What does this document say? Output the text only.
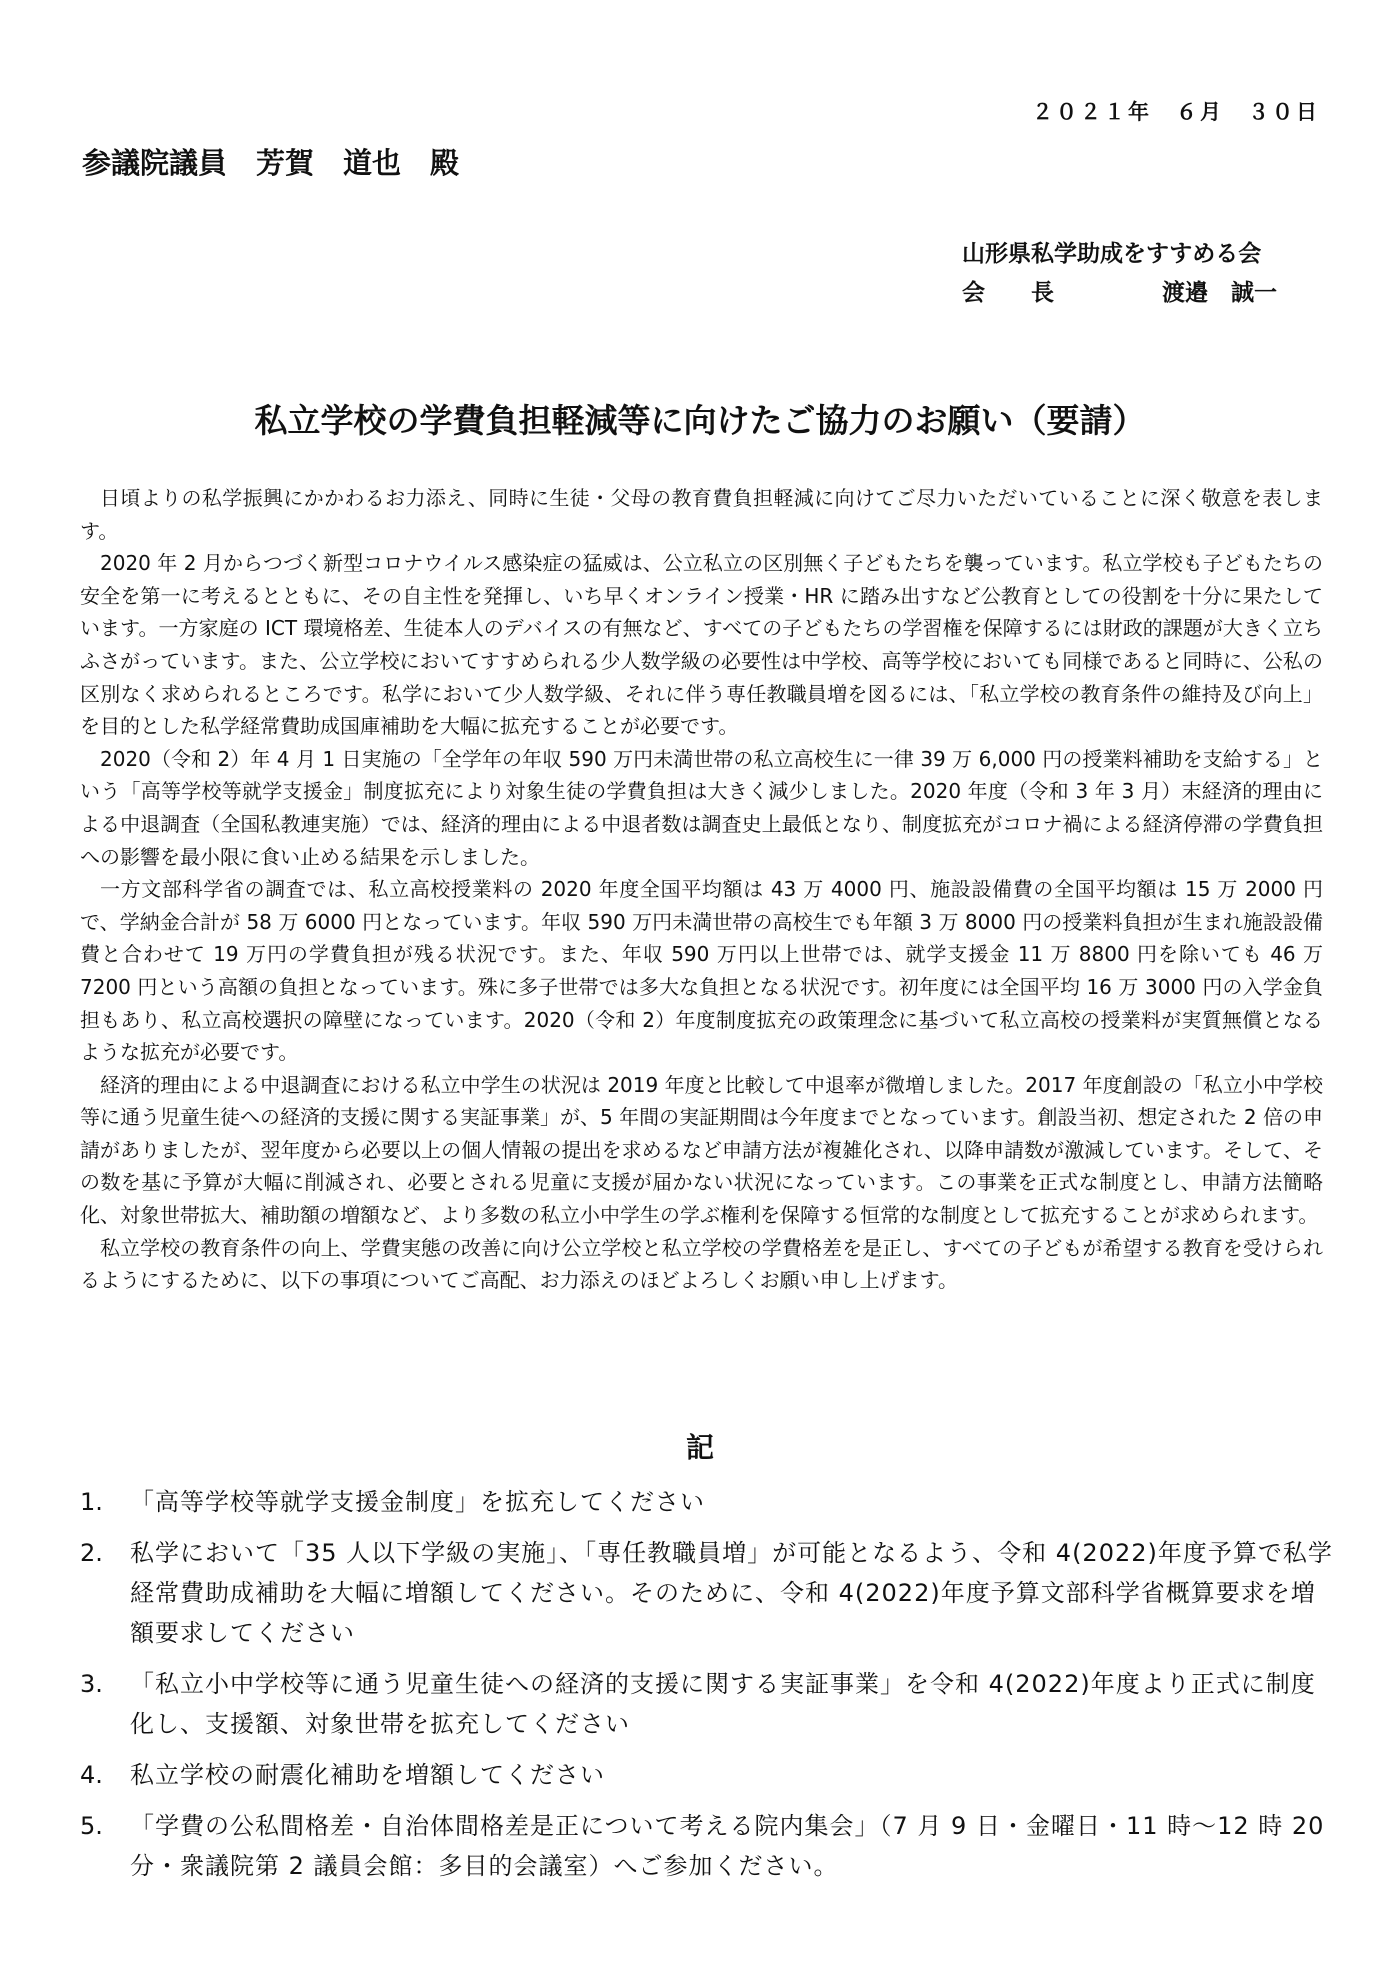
２０２１年　６月　３０日
参議院議員　芳賀　道也　殿
山形県私学助成をすすめる会
会　　長	渡邉　誠一
私立学校の学費負担軽減等に向けたご協力のお願い（要請）

日頃よりの私学振興にかかわるお力添え、同時に生徒・父母の教育費負担軽減に向けてご尽力いただいていることに深く敬意を表します。

2020 年 2 月からつづく新型コロナウイルス感染症の猛威は、公立私立の区別無く子どもたちを襲っています。私立学校も子どもたちの安全を第一に考えるとともに、その自主性を発揮し、いち早くオンライン授業・HR に踏み出すなど公教育としての役割を十分に果たしています。一方家庭の ICT 環境格差、生徒本人のデバイスの有無など、すべての子どもたちの学習権を保障するには財政的課題が大きく立ちふさがっています。また、公立学校においてすすめられる少人数学級の必要性は中学校、高等学校においても同様であると同時に、公私の区別なく求められるところです。私学において少人数学級、それに伴う専任教職員増を図るには、「私立学校の教育条件の維持及び向上」を目的とした私学経常費助成国庫補助を大幅に拡充することが必要です。

2020（令和 2）年 4 月 1 日実施の「全学年の年収 590 万円未満世帯の私立高校生に一律 39 万 6,000 円の授業料補助を支給する」という「高等学校等就学支援金」制度拡充により対象生徒の学費負担は大きく減少しました。2020 年度（令和 3 年 3 月）末経済的理由による中退調査（全国私教連実施）では、経済的理由による中退者数は調査史上最低となり、制度拡充がコロナ禍による経済停滞の学費負担への影響を最小限に食い止める結果を示しました。

一方文部科学省の調査では、私立高校授業料の 2020 年度全国平均額は 43 万 4000 円、施設設備費の全国平均額は 15 万 2000 円で、学納金合計が 58 万 6000 円となっています。年収 590 万円未満世帯の高校生でも年額 3 万 8000 円の授業料負担が生まれ施設設備費と合わせて 19 万円の学費負担が残る状況です。また、年収 590 万円以上世帯では、就学支援金 11 万 8800 円を除いても 46 万 7200 円という高額の負担となっています。殊に多子世帯では多大な負担となる状況です。初年度には全国平均 16 万 3000 円の入学金負担もあり、私立高校選択の障壁になっています。2020（令和 2）年度制度拡充の政策理念に基づいて私立高校の授業料が実質無償となるような拡充が必要です。

経済的理由による中退調査における私立中学生の状況は 2019 年度と比較して中退率が微増しました。2017 年度創設の「私立小中学校等に通う児童生徒への経済的支援に関する実証事業」が、5 年間の実証期間は今年度までとなっています。創設当初、想定された 2 倍の申請がありましたが、翌年度から必要以上の個人情報の提出を求めるなど申請方法が複雑化され、以降申請数が激減しています。そして、その数を基に予算が大幅に削減され、必要とされる児童に支援が届かない状況になっています。この事業を正式な制度とし、申請方法簡略化、対象世帯拡大、補助額の増額など、より多数の私立小中学生の学ぶ権利を保障する恒常的な制度として拡充することが求められます。

私立学校の教育条件の向上、学費実態の改善に向け公立学校と私立学校の学費格差を是正し、すべての子どもが希望する教育を受けられるようにするために、以下の事項についてご高配、お力添えのほどよろしくお願い申し上げます。

記
1.	「高等学校等就学支援金制度」を拡充してください
2.	私学において「35 人以下学級の実施」、「専任教職員増」が可能となるよう、令和 4(2022)年度予算で私学経常費助成補助を大幅に増額してください。そのために、令和 4(2022)年度予算文部科学省概算要求を増額要求してください
3.	「私立小中学校等に通う児童生徒への経済的支援に関する実証事業」を令和 4(2022)年度より正式に制度化し、支援額、対象世帯を拡充してください
4.	私立学校の耐震化補助を増額してください
5.	「学費の公私間格差・自治体間格差是正について考える院内集会」（7 月 9 日・金曜日・11 時～12 時 20 分・衆議院第 2 議員会館：多目的会議室）へご参加ください。
